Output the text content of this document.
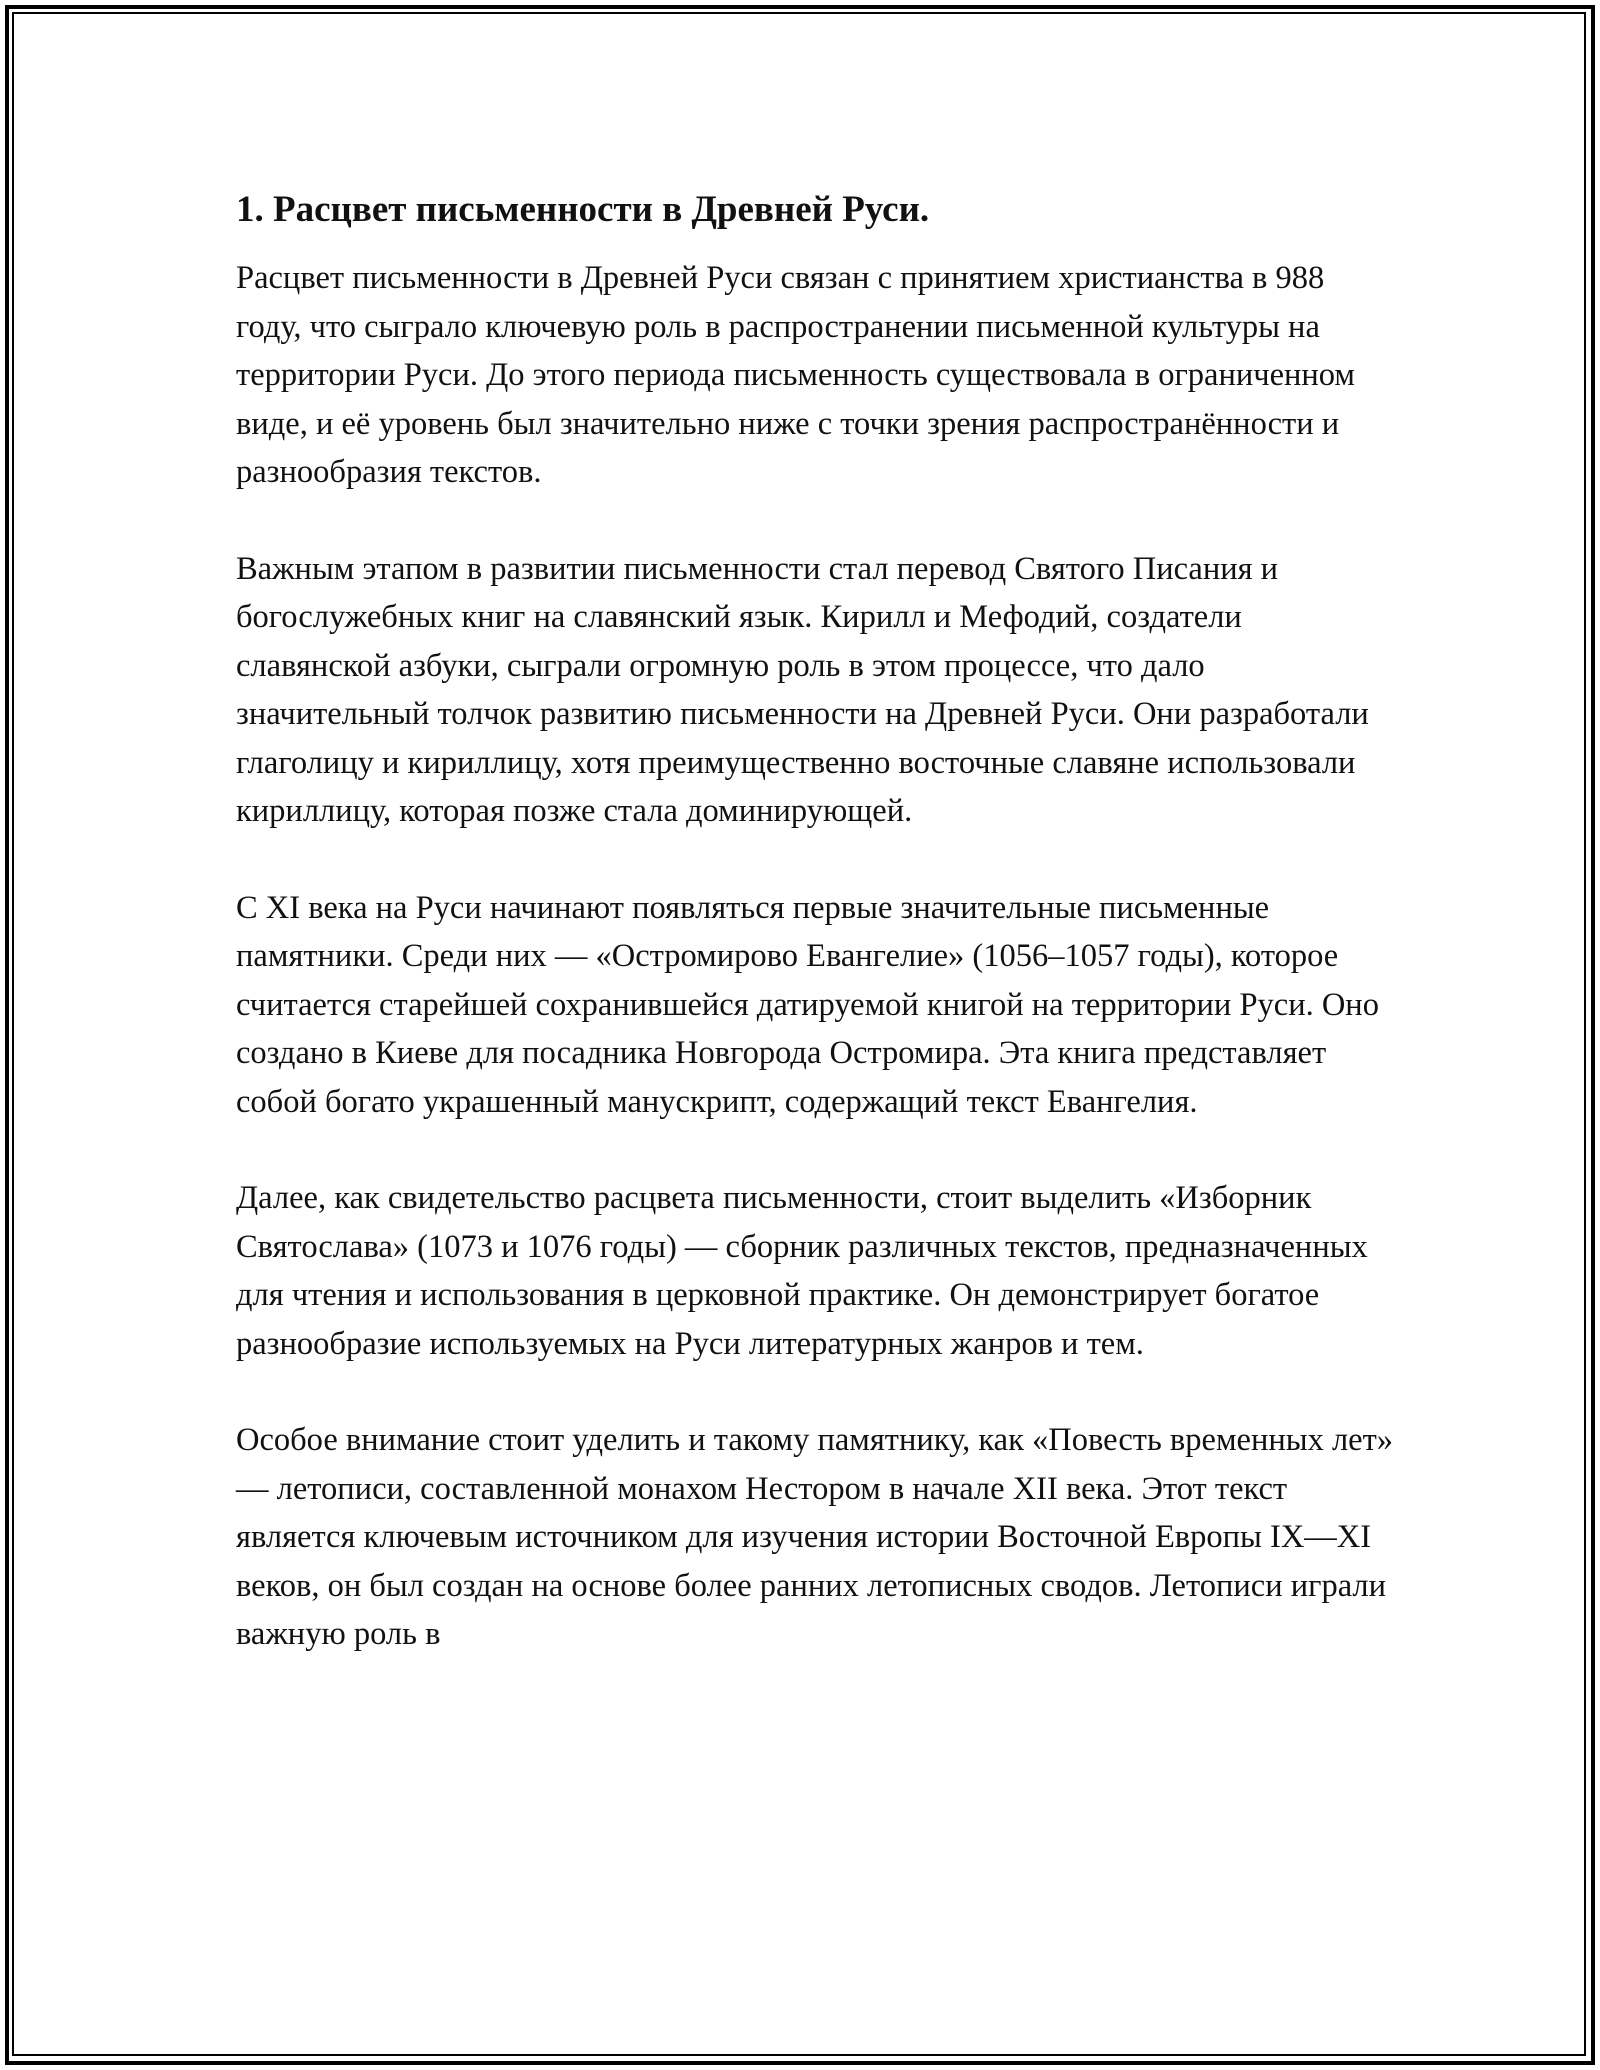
1. Расцвет письменности в Древней Руси.

Расцвет письменности в Древней Руси связан с принятием христианства в 988 году, что сыграло ключевую роль в распространении письменной культуры на территории Руси. До этого периода письменность существовала в ограниченном виде, и её уровень был значительно ниже с точки зрения распространённости и разнообразия текстов.

Важным этапом в развитии письменности стал перевод Святого Писания и богослужебных книг на славянский язык. Кирилл и Мефодий, создатели славянской азбуки, сыграли огромную роль в этом процессе, что дало значительный толчок развитию письменности на Древней Руси. Они разработали глаголицу и кириллицу, хотя преимущественно восточные славяне использовали кириллицу, которая позже стала доминирующей.

С XI века на Руси начинают появляться первые значительные письменные памятники. Среди них — «Остромирово Евангелие» (1056–1057 годы), которое считается старейшей сохранившейся датируемой книгой на территории Руси. Оно создано в Киеве для посадника Новгорода Остромира. Эта книга представляет собой богато украшенный манускрипт, содержащий текст Евангелия.

Далее, как свидетельство расцвета письменности, стоит выделить «Изборник Святослава» (1073 и 1076 годы) — сборник различных текстов, предназначенных для чтения и использования в церковной практике. Он демонстрирует богатое разнообразие используемых на Руси литературных жанров и тем.

Особое внимание стоит уделить и такому памятнику, как «Повесть временных лет» — летописи, составленной монахом Нестором в начале XII века. Этот текст является ключевым источником для изучения истории Восточной Европы IX—XI веков, он был создан на основе более ранних летописных сводов. Летописи играли важную роль в
